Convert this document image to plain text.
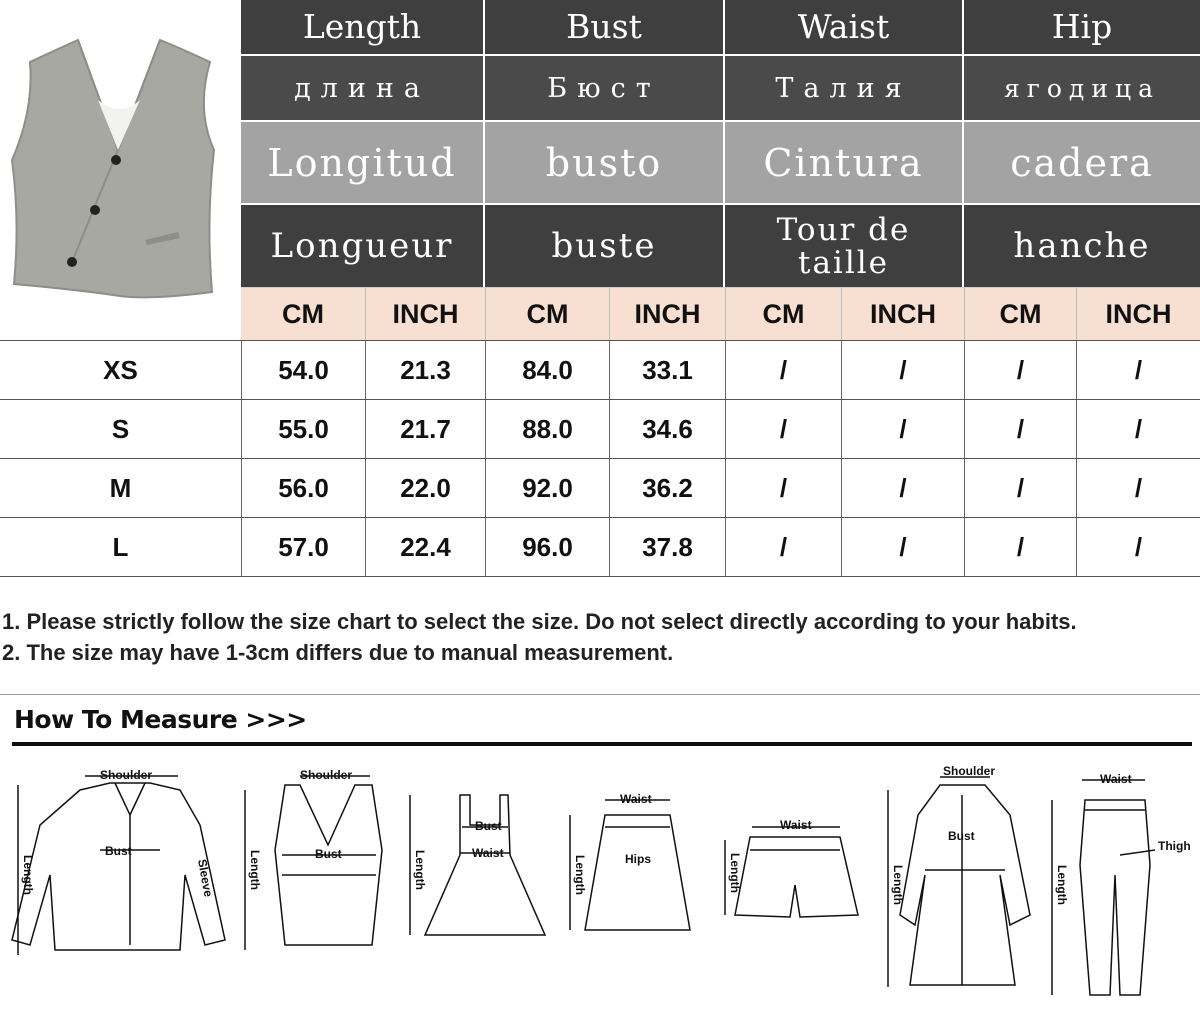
Length	Bust	Waist	Hip
длина	Бюст	Талия	ягодица
Longitud	busto	Cintura	cadera
Longueur	buste	Tour de taille	hanche
CM	INCH	CM	INCH	CM	INCH	CM	INCH
XS	54.0	21.3	84.0	33.1	/	/	/	/
S	55.0	21.7	88.0	34.6	/	/	/	/
M	56.0	22.0	92.0	36.2	/	/	/	/
L	57.0	22.4	96.0	37.8	/	/	/	/
1. Please strictly follow the size chart to select the size. Do not select directly according to your habits.
2. The size may have 1-3cm differs due to manual measurement.
How To Measure >>>
Shoulder
Bust
Sleeve
Length
Shoulder
Bust
Length
Bust
Waist
Length
Waist
Hips
Length
Waist
Length
Shoulder
Bust
Length
Waist
Thigh
Length
